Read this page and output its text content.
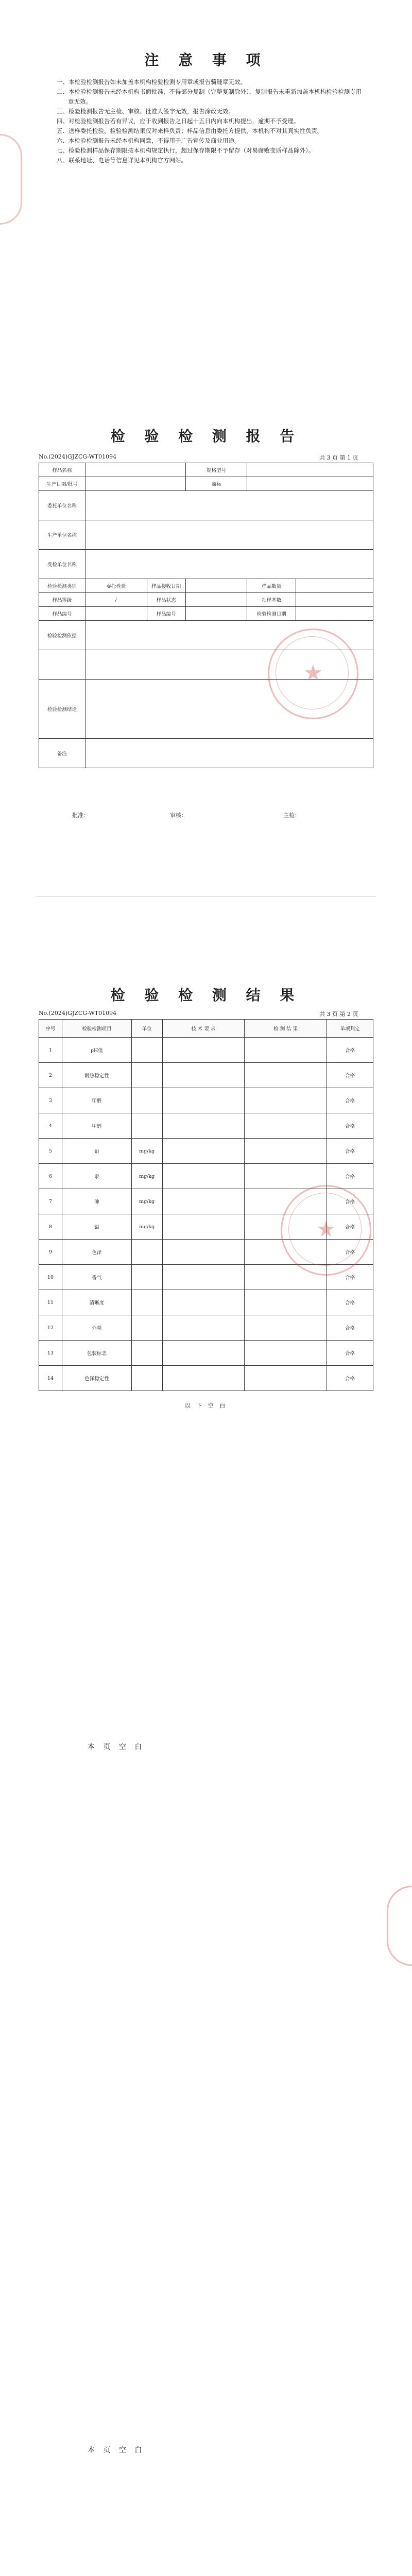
注 意 事 项

一、本检验检测报告如未加盖本机构检验检测专用章或报告骑缝章无效。

二、本检验检测报告未经本机构书面批准，不得部分复制（完整复制除外），复制报告未重新加盖本机构检验检测专用章无效。

三、检验检测报告无主检、审核、批准人签字无效，报告涂改无效。

四、对检验检测报告若有异议，应于收到报告之日起十五日内向本机构提出，逾期不予受理。

五、送样委托检验，检验检测结果仅对来样负责；样品信息由委托方提供，本机构不对其真实性负责。

六、本检验检测报告未经本机构同意，不得用于广告宣传及商业用途。

七、检验检测样品保存期限按本机构规定执行，超过保存期限不予留存（对易腐败变质样品除外）。

八、联系地址、电话等信息详见本机构官方网站。

检 验 检 测 报 告
No.(2024)GJZCG-WT01094	共 3 页 第 1 页
样品名称			规格型号		
生产日期/批号			商标		
委托单位名称					
生产单位名称					
受检单位名称					
检验检测类别	委托检验	样品接收日期		样品数量	
样品等级	/	样品状态		抽样基数	
样品编号		样品编号		检验检测日期	
检验检测依据					

检验检测结论					
备注					
★
批准：	审核：	主检：
检 验 检 测 结 果
No.(2024)GJZCG-WT01094	共 3 页 第 2 页
序号	检验检测项目	单位	技 术 要 求	检 测 结 果	单项判定
1	pH值				合格
2	耐热稳定性				合格
3	甲醛				合格
4	甲醇				合格
5	铅	mg/kg			合格
6	汞	mg/kg			合格
7	砷	mg/kg			合格
8	镉	mg/kg			合格
9	色泽				合格
10	香气				合格
11	清晰度				合格
12	外观				合格
13	包装标志				合格
14	色泽稳定性				合格
★
以 下 空 白
本 页 空 白
本 页 空 白
